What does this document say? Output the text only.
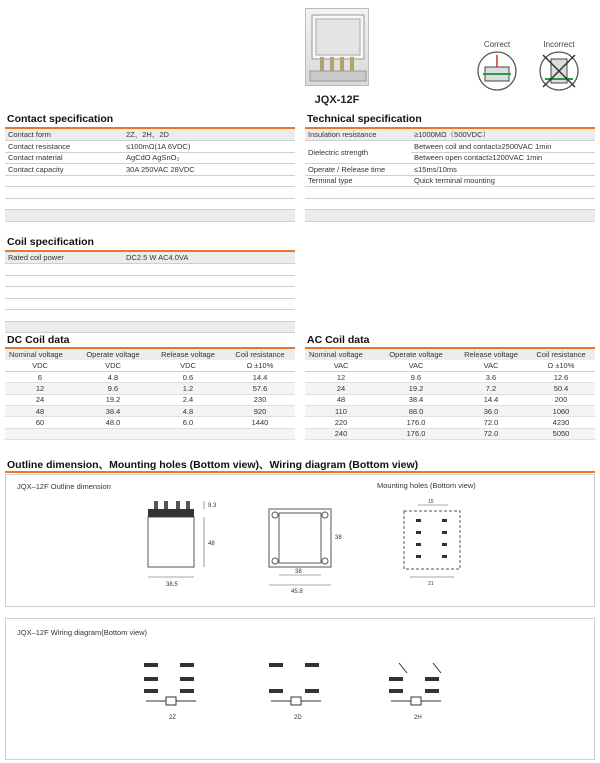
JQX-12F
Correct	Incorrect
Contact specification
Contact form	2Z、2H、2D
Contact resistance	≤100mΩ(1A 6VDC)
Contact material	AgCdO AgSnO₂
Contact capacity	30A 250VAC 28VDC

Technical specification
Insulation resistance	≥1000MΩ（500VDC）
Dielectric strength	Between coil and contact≥2500VAC 1min
	Between open contact≥1200VAC 1min
Operate / Release time	≤15ms/10ms
Terminal type	Quick terminal mounting

Coil specification
Rated coil power	DC2.5 W AC4.0VA

DC Coil data
Nominal voltage	Operate voltage	Release voltage	Coil resistance
VDC	VDC	VDC	Ω ±10%
6	4.8	0.6	14.4
12	9.6	1.2	57.6
24	19.2	2.4	230
48	38.4	4.8	920
60	48.0	6.0	1440

AC Coil data
Nominal voltage	Operate voltage	Release voltage	Coil resistance
VAC	VAC	VAC	Ω ±10%
12	9.6	3.6	12.6
24	19.2	7.2	50.4
48	38.4	14.4	200
110	88.0	36.0	1060
220	176.0	72.0	4230
240	176.0	72.0	5050
Outline dimension、Mounting holes (Bottom view)、Wiring diagram (Bottom view)
JQX–12F Outline dimension	Mounting holes (Bottom view)
38.5
48
9.3
38
45.8
38
15
21
JQX–12F Wiring diagram(Bottom view)
2Z	2D	2H
